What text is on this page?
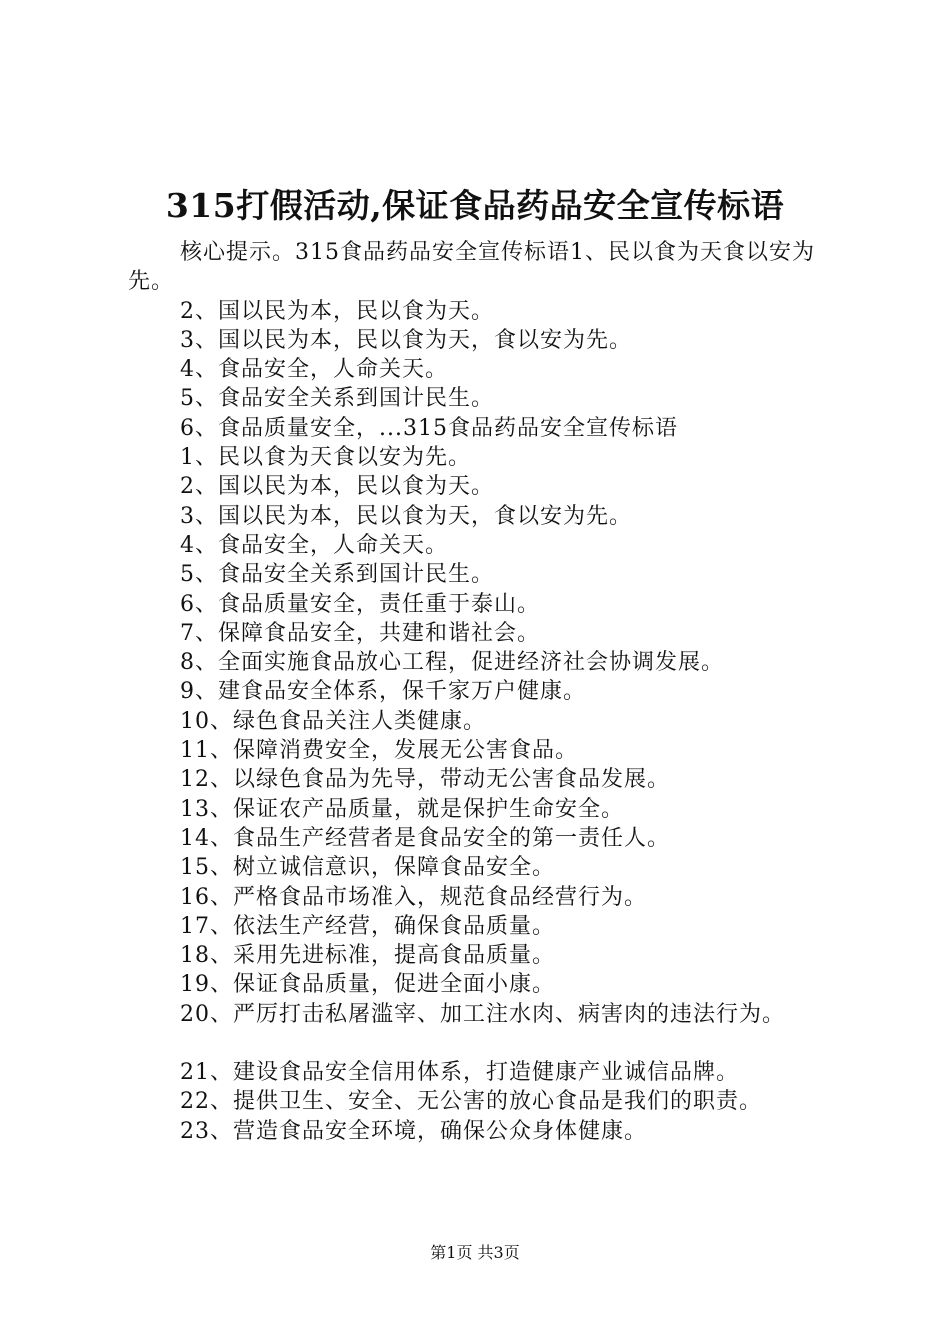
315打假活动,保证食品药品安全宣传标语

核心提示。315食品药品安全宣传标语1、民以食为天食以安为先。

2、国以民为本，民以食为天。
3、国以民为本，民以食为天，食以安为先。
4、食品安全，人命关天。
5、食品安全关系到国计民生。
6、食品质量安全，...315食品药品安全宣传标语
1、民以食为天食以安为先。
2、国以民为本，民以食为天。
3、国以民为本，民以食为天，食以安为先。
4、食品安全，人命关天。
5、食品安全关系到国计民生。
6、食品质量安全，责任重于泰山。
7、保障食品安全，共建和谐社会。
8、全面实施食品放心工程，促进经济社会协调发展。
9、建食品安全体系，保千家万户健康。
10、绿色食品关注人类健康。
11、保障消费安全，发展无公害食品。
12、以绿色食品为先导，带动无公害食品发展。
13、保证农产品质量，就是保护生命安全。
14、食品生产经营者是食品安全的第一责任人。
15、树立诚信意识，保障食品安全。
16、严格食品市场准入，规范食品经营行为。
17、依法生产经营，确保食品质量。
18、采用先进标准，提高食品质量。
19、保证食品质量，促进全面小康。
20、严厉打击私屠滥宰、加工注水肉、病害肉的违法行为。
21、建设食品安全信用体系，打造健康产业诚信品牌。
22、提供卫生、安全、无公害的放心食品是我们的职责。
23、营造食品安全环境，确保公众身体健康。
第1页 共3页
